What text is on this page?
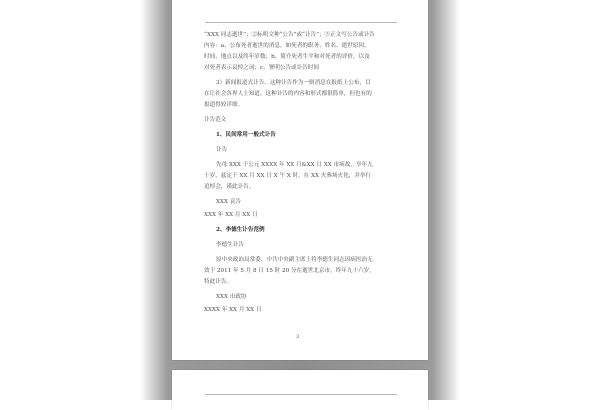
“XXX 同志逝世”；②标明文种“公告”或“讣告”；③正文写公告或讣告
内容：a、公布死者逝世的消息，如死者的职务、姓名、逝世原因、
时间、地点以及终年岁数；b、简介死者生平和对死者的评价，以及
对死者表示哀悼之词；c、署明公告或讣告时间
3）新闻报道式讣告。这种讣告作为一则消息在报纸上公布，目
在让社会各界人士知道。这种讣告的内容和形式都很简单，但也有的
报道得较详细。
讣告范文
1、民间常用一般式讣告
讣告
先母 XXX 于公元 XXXX 年 XX 月&XX 日 XX 市病故，享年九
十岁，兹定于 XX 月 XX 日 X 午 X 时，在 XX 火葬场火化，并举行
追悼会，谨此讣告。
XXX 哀告
XXX 年 XX 月 XX 日
2、李德生讣告范例
李德生讣告
原中央政治局常委、中共中央副主席上将李德生同志因病医治无
效于 2011 年 5 月 8 日 15 时 20 分在逝世北京市，终年九十六岁，
特此讣告。
XXX 市政协
XXXX 年 XX 月 XX 日
3
